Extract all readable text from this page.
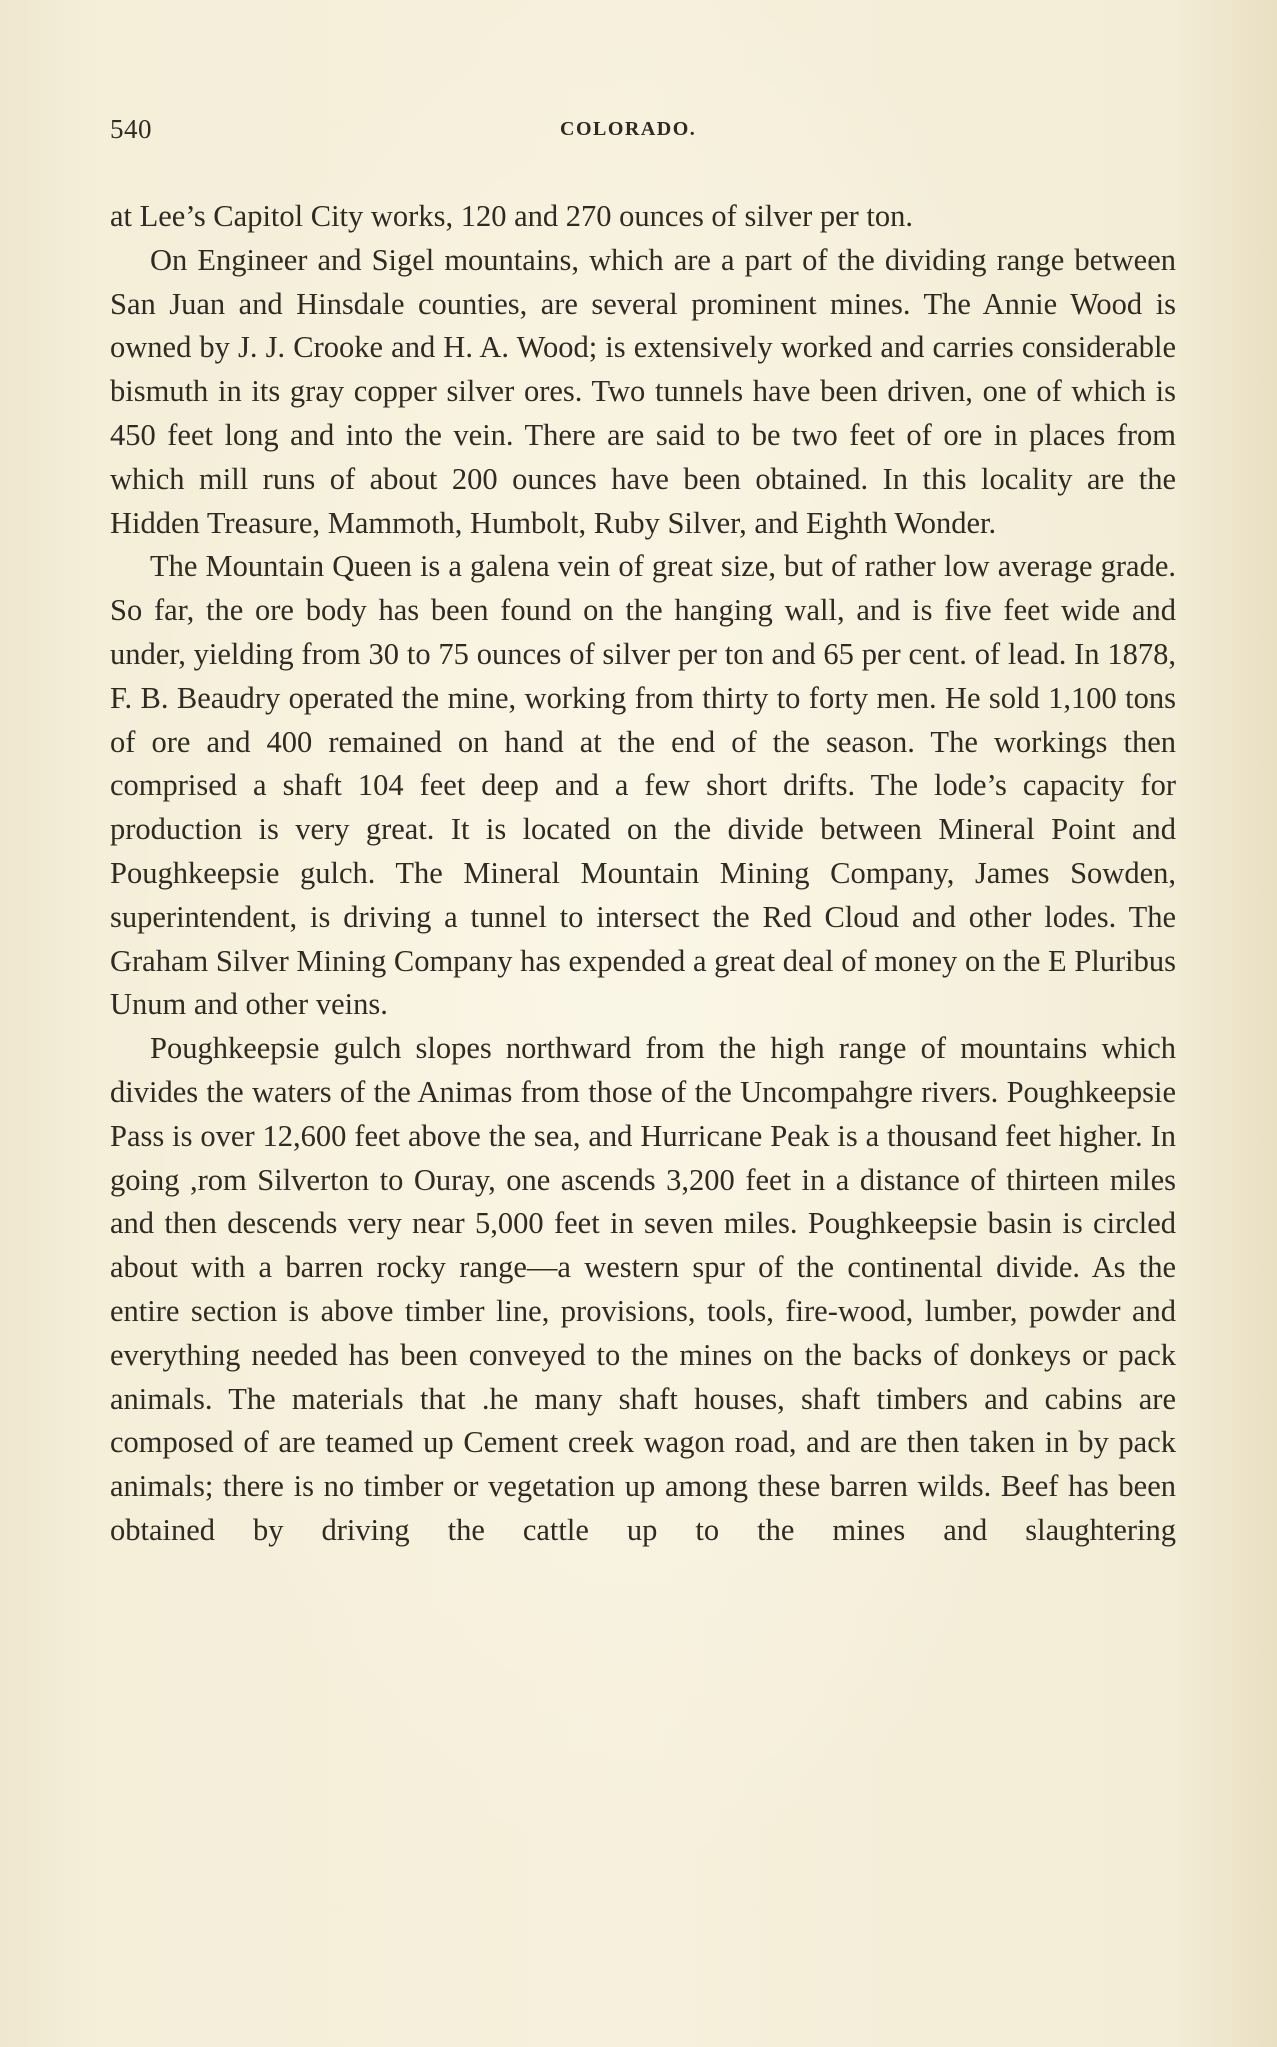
540	COLORADO.

at Lee’s Capitol City works, 120 and 270 ounces of silver per ton.

On Engineer and Sigel mountains, which are a part of the dividing range between San Juan and Hinsdale counties, are several prominent mines. The Annie Wood is owned by J. J. Crooke and H. A. Wood; is extensively worked and carries considerable bismuth in its gray copper silver ores. Two tunnels have been driven, one of which is 450 feet long and into the vein. There are said to be two feet of ore in places from which mill runs of about 200 ounces have been obtained. In this locality are the Hidden Treasure, Mammoth, Humbolt, Ruby Silver, and Eighth Wonder.

The Mountain Queen is a galena vein of great size, but of rather low average grade. So far, the ore body has been found on the hanging wall, and is five feet wide and under, yielding from 30 to 75 ounces of silver per ton and 65 per cent. of lead. In 1878, F. B. Beaudry operated the mine, working from thirty to forty men. He sold 1,100 tons of ore and 400 remained on hand at the end of the season. The workings then comprised a shaft 104 feet deep and a few short drifts. The lode’s capacity for production is very great. It is located on the divide between Mineral Point and Poughkeepsie gulch. The Mineral Mountain Mining Company, James Sowden, superintendent, is driving a tunnel to intersect the Red Cloud and other lodes. The Graham Silver Mining Company has expended a great deal of money on the E Pluribus Unum and other veins.

Poughkeepsie gulch slopes northward from the high range of mountains which divides the waters of the Animas from those of the Uncompahgre rivers. Poughkeepsie Pass is over 12,600 feet above the sea, and Hurricane Peak is a thousand feet higher. In going ,rom Silverton to Ouray, one ascends 3,200 feet in a distance of thirteen miles and then descends very near 5,000 feet in seven miles. Poughkeepsie basin is circled about with a barren rocky range—a western spur of the continental divide. As the entire section is above timber line, provisions, tools, fire-wood, lumber, powder and everything needed has been conveyed to the mines on the backs of donkeys or pack animals. The materials that .he many shaft houses, shaft timbers and cabins are composed of are teamed up Cement creek wagon road, and are then taken in by pack animals; there is no timber or vegetation up among these barren wilds. Beef has been obtained by driving the cattle up to the mines and slaughtering
